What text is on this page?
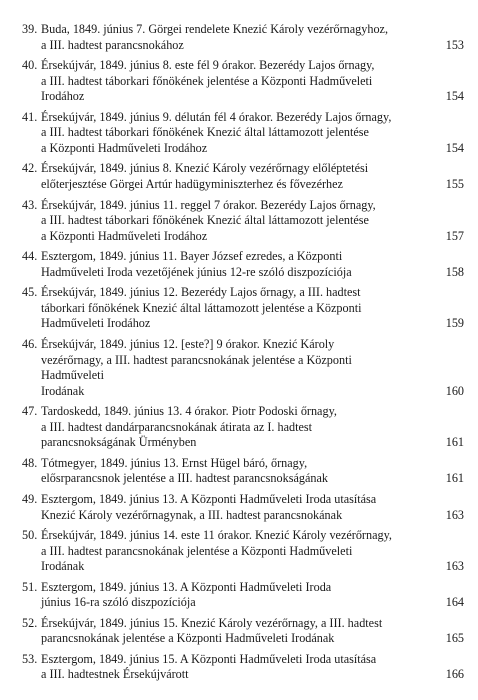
39. Buda, 1849. június 7. Görgei rendelete Knezić Károly vezérőrnagyhoz,
a III. hadtest parancsnokához	153
40. Érsekújvár, 1849. június 8. este fél 9 órakor. Bezerédy Lajos őrnagy,
a III. hadtest táborkari főnökének jelentése a Központi Hadműveleti
Irodához	154
41. Érsekújvár, 1849. június 9. délután fél 4 órakor. Bezerédy Lajos őrnagy,
a III. hadtest táborkari főnökének Knezić által láttamozott jelentése
a Központi Hadműveleti Irodához	154
42. Érsekújvár, 1849. június 8. Knezić Károly vezérőrnagy előléptetési
előterjesztése Görgei Artúr hadügyminiszterhez és fővezérhez	155
43. Érsekújvár, 1849. június 11. reggel 7 órakor. Bezerédy Lajos őrnagy,
a III. hadtest táborkari főnökének Knezić által láttamozott jelentése
a Központi Hadműveleti Irodához	157
44. Esztergom, 1849. június 11. Bayer József ezredes, a Központi
Hadműveleti Iroda vezetőjének június 12-re szóló diszpozíciója	158
45. Érsekújvár, 1849. június 12. Bezerédy Lajos őrnagy, a III. hadtest
táborkari főnökének Knezić által láttamozott jelentése a Központi
Hadműveleti Irodához	159
46. Érsekújvár, 1849. június 12. [este?] 9 órakor. Knezić Károly
vezérőrnagy, a III. hadtest parancsnokának jelentése a Központi
Hadműveleti
Irodának	160
47. Tardoskedd, 1849. június 13. 4 órakor. Piotr Podoski őrnagy,
a III. hadtest dandárparancsnokának átirata az I. hadtest
parancsnokságának Ürményben	161
48. Tótmegyer, 1849. június 13. Ernst Hügel báró, őrnagy,
elősrparancsnok jelentése a III. hadtest parancsnokságának	161
49. Esztergom, 1849. június 13. A Központi Hadműveleti Iroda utasítása
Knezić Károly vezérőrnagynak, a III. hadtest parancsnokának	163
50. Érsekújvár, 1849. június 14. este 11 órakor. Knezić Károly vezérőrnagy,
a III. hadtest parancsnokának jelentése a Központi Hadműveleti
Irodának	163
51. Esztergom, 1849. június 13. A Központi Hadműveleti Iroda
június 16-ra szóló diszpozíciója	164
52. Érsekújvár, 1849. június 15. Knezić Károly vezérőrnagy, a III. hadtest
parancsnokának jelentése a Központi Hadműveleti Irodának	165
53. Esztergom, 1849. június 15. A Központi Hadműveleti Iroda utasítása
a III. hadtestnek Érsekújvárott	166
